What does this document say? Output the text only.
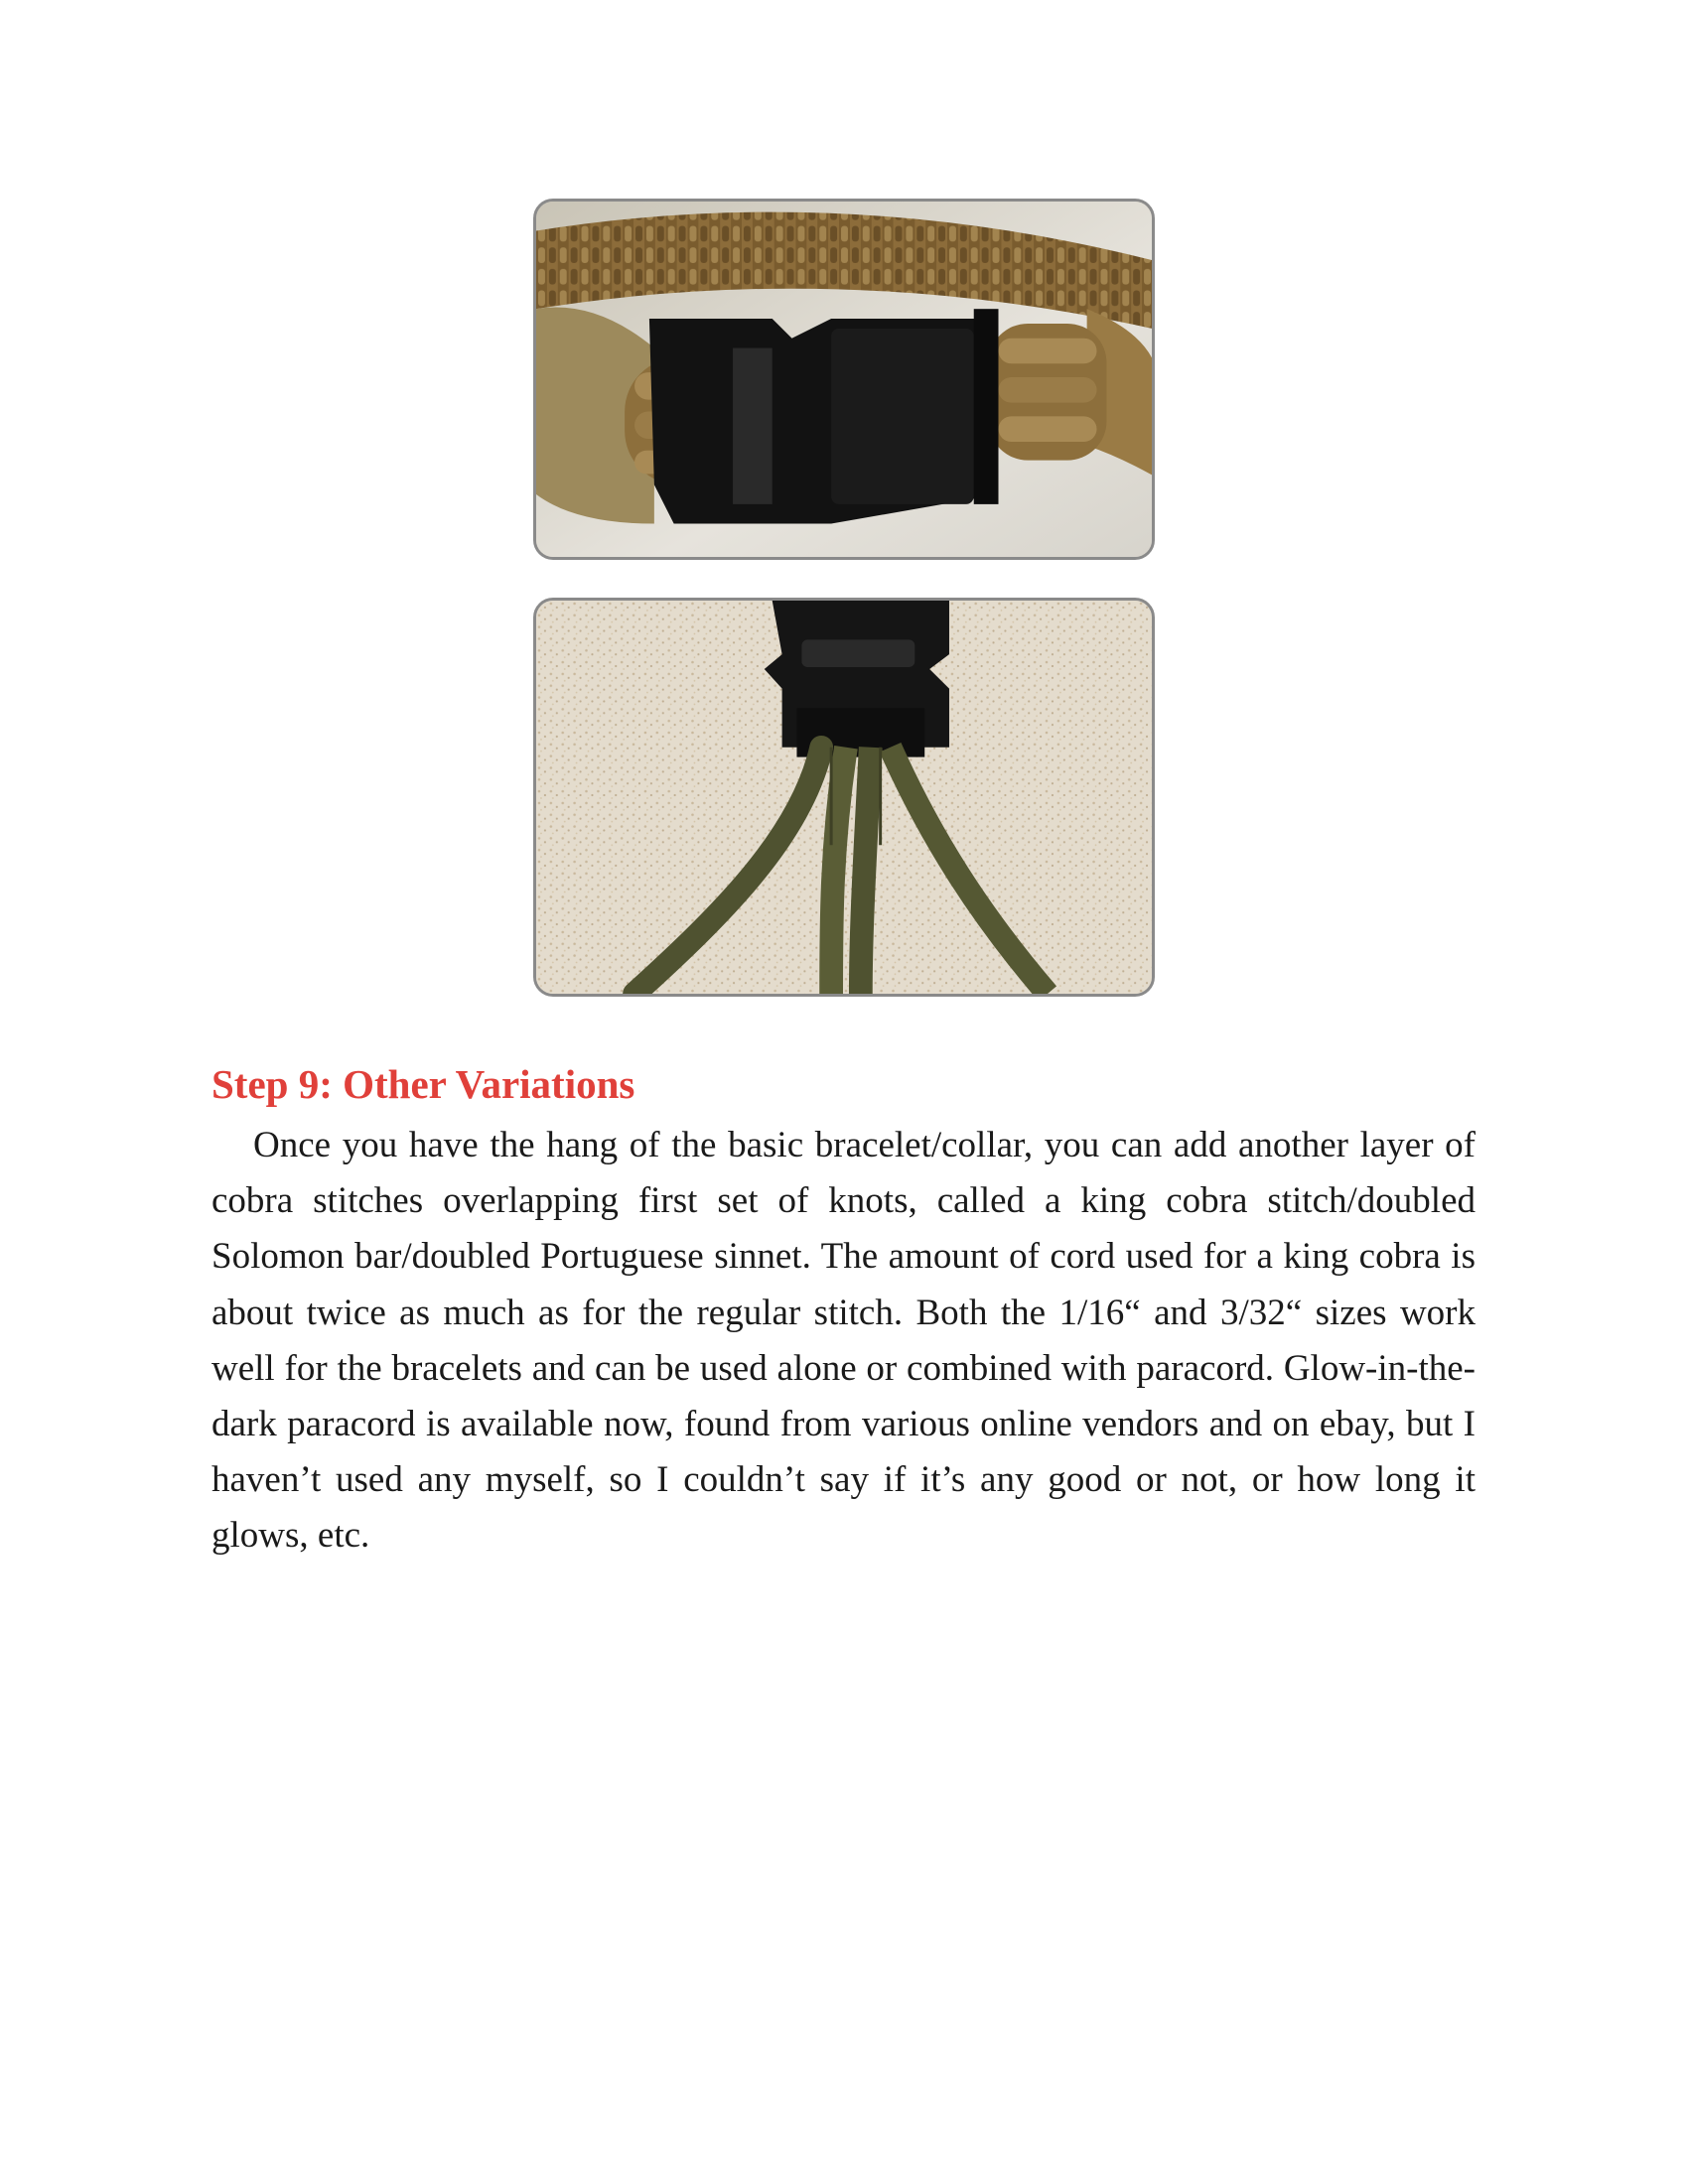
Step 9: Other Variations

Once you have the hang of the basic bracelet/collar, you can add another layer of cobra stitches overlapping first set of knots, called a king cobra stitch/doubled Solomon bar/doubled Portuguese sinnet. The amount of cord used for a king cobra is about twice as much as for the regular stitch. Both the 1/16“ and 3/32“ sizes work well for the bracelets and can be used alone or combined with paracord. Glow-in-the-dark paracord is available now, found from various online vendors and on ebay, but I haven’t used any myself, so I couldn’t say if it’s any good or not, or how long it glows, etc.
